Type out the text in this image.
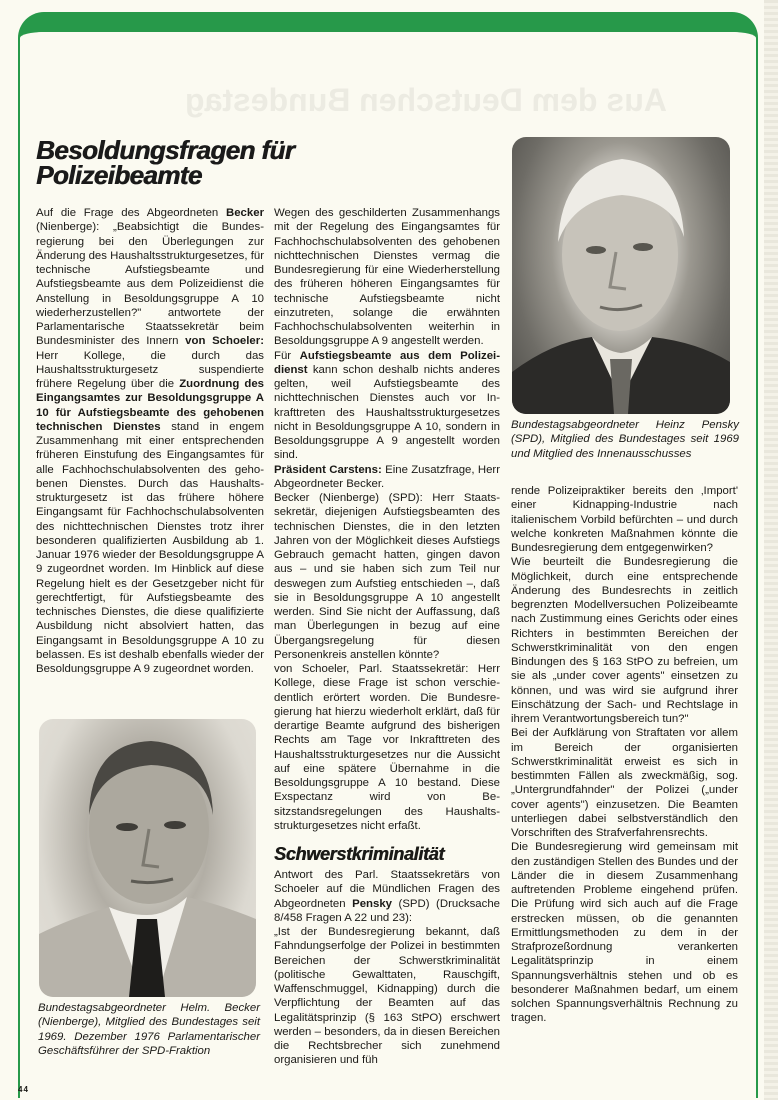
Aus dem Deutschen Bundestag
Besoldungsfragen für
Polizeibeamte

Auf die Frage des Abgeordneten Becker (Nienberge): „Beabsichtigt die Bundesregierung bei den Überlegungen zur Änderung des Haushaltsstrukturgesetzes, für technische Aufstiegsbeamte und Aufstiegsbeamte aus dem Polizeidienst die Anstellung in Besoldungsgruppe A 10 wiederherzustellen?" antwortete der Parlamentarische Staatssekretär beim Bundesminister des Innern von Schoeler: Herr Kollege, die durch das Haushaltsstrukturgesetz suspendierte frühere Regelung über die Zuordnung des Eingangsamtes zur Besoldungsgruppe A 10 für Aufstiegsbeamte des gehobenen technischen Dienstes stand in engem Zusammenhang mit einer entsprechenden früheren Einstufung des Eingangsamtes für alle Fachhochschulabsolventen des gehobenen Dienstes. Durch das Haushaltsstrukturgesetz ist das frühere höhere Eingangsamt für Fachhochschulabsolventen des nichttechnischen Dienstes trotz ihrer besonderen qualifizierten Ausbildung ab 1. Januar 1976 wieder der Besoldungsgruppe A 9 zugeordnet worden. Im Hinblick auf diese Regelung hielt es der Gesetzgeber nicht für gerechtfertigt, für Aufstiegsbeamte des technisches Dienstes, die diese qualifizierte Ausbildung nicht absolviert hatten, das Eingangsamt in Besoldungsgruppe A 10 zu belassen. Es ist deshalb ebenfalls wieder der Besoldungsgruppe A 9 zugeordnet worden.

Wegen des geschilderten Zusammenhangs mit der Regelung des Eingangsamtes für Fachhochschulabsolventen des gehobenen nichttechnischen Dienstes vermag die Bundesregierung für eine Wiederherstellung des früheren höheren Eingangsamtes für technische Aufstiegsbeamte nicht einzutreten, solange die erwähnten Fachhochschulabsolventen weiterhin in Besoldungsgruppe A 9 angestellt werden.

Für Aufstiegsbeamte aus dem Polizeidienst kann schon deshalb nichts anderes gelten, weil Aufstiegsbeamte des nichttechnischen Dienstes auch vor Inkrafttreten des Haushaltsstrukturgesetzes nicht in Besoldungsgruppe A 10, sondern in Besoldungsgruppe A 9 angestellt worden sind.

Präsident Carstens: Eine Zusatzfrage, Herr Abgeordneter Becker.

Becker (Nienberge) (SPD): Herr Staatssekretär, diejenigen Aufstiegsbeamten des technischen Dienstes, die in den letzten Jahren von der Möglichkeit dieses Aufstiegs Gebrauch gemacht hatten, gingen davon aus – und sie haben sich zum Teil nur deswegen zum Aufstieg entschieden –, daß sie in Besoldungsgruppe A 10 angestellt werden. Sind Sie nicht der Auffassung, daß man Überlegungen in bezug auf eine Übergangsregelung für diesen Personenkreis anstellen könnte?

von Schoeler, Parl. Staatssekretär: Herr Kollege, diese Frage ist schon verschiedentlich erörtert worden. Die Bundesregierung hat hierzu wiederholt erklärt, daß für derartige Beamte aufgrund des bisherigen Rechts am Tage vor Inkrafttreten des Haushaltsstrukturgesetzes nur die Aussicht auf eine spätere Übernahme in die Besoldungsgruppe A 10 bestand. Diese Exspectanz wird von Besitzstandsregelungen des Haushaltsstrukturgesetzes nicht erfaßt.

Schwerstkriminalität

Antwort des Parl. Staatssekretärs von Schoeler auf die Mündlichen Fragen des Abgeordneten Pensky (SPD) (Drucksache 8/458 Fragen A 22 und 23):

„Ist der Bundesregierung bekannt, daß Fahndungserfolge der Polizei in bestimmten Bereichen der Schwerstkriminalität (politische Gewalttaten, Rauschgift, Waffenschmuggel, Kidnapping) durch die Verpflichtung der Beamten auf das Legalitätsprinzip (§ 163 StPO) erschwert werden – besonders, da in diesen Bereichen die Rechtsbrecher sich zunehmend organisieren und füh

rende Polizeipraktiker bereits den ‚Import' einer Kidnapping-Industrie nach italienischem Vorbild befürchten – und durch welche konkreten Maßnahmen könnte die Bundesregierung dem entgegenwirken?

Wie beurteilt die Bundesregierung die Möglichkeit, durch eine entsprechende Änderung des Bundesrechts in zeitlich begrenzten Modellversuchen Polizeibeamte nach Zustimmung eines Gerichts oder eines Richters in bestimmten Bereichen der Schwerstkriminalität von den engen Bindungen des § 163 StPO zu befreien, um sie als „under cover agents" einsetzen zu können, und was wird sie aufgrund ihrer Einschätzung der Sach- und Rechtslage in ihrem Verantwortungsbereich tun?"

Bei der Aufklärung von Straftaten vor allem im Bereich der organisierten Schwerstkriminalität erweist es sich in bestimmten Fällen als zweckmäßig, sog. „Untergrundfahnder" der Polizei („under cover agents") einzusetzen. Die Beamten unterliegen dabei selbstverständlich den Vorschriften des Strafverfahrensrechts.

Die Bundesregierung wird gemeinsam mit den zuständigen Stellen des Bundes und der Länder die in diesem Zusammenhang auftretenden Probleme eingehend prüfen. Die Prüfung wird sich auch auf die Frage erstrecken müssen, ob die genannten Ermittlungsmethoden zu dem in der Strafprozeßordnung verankerten Legalitätsprinzip in einem Spannungsverhältnis stehen und ob es besonderer Maßnahmen bedarf, um einem solchen Spannungsverhältnis Rechnung zu tragen.

Bundestagsabgeordneter Heinz Pensky (SPD), Mitglied des Bundestages seit 1969 und Mitglied des Innenausschusses
Bundestagsabgeordneter Helm. Becker (Nienberge), Mitglied des Bundestages seit 1969. Dezember 1976 Parlamentarischer Geschäftsführer der SPD-Fraktion
44
